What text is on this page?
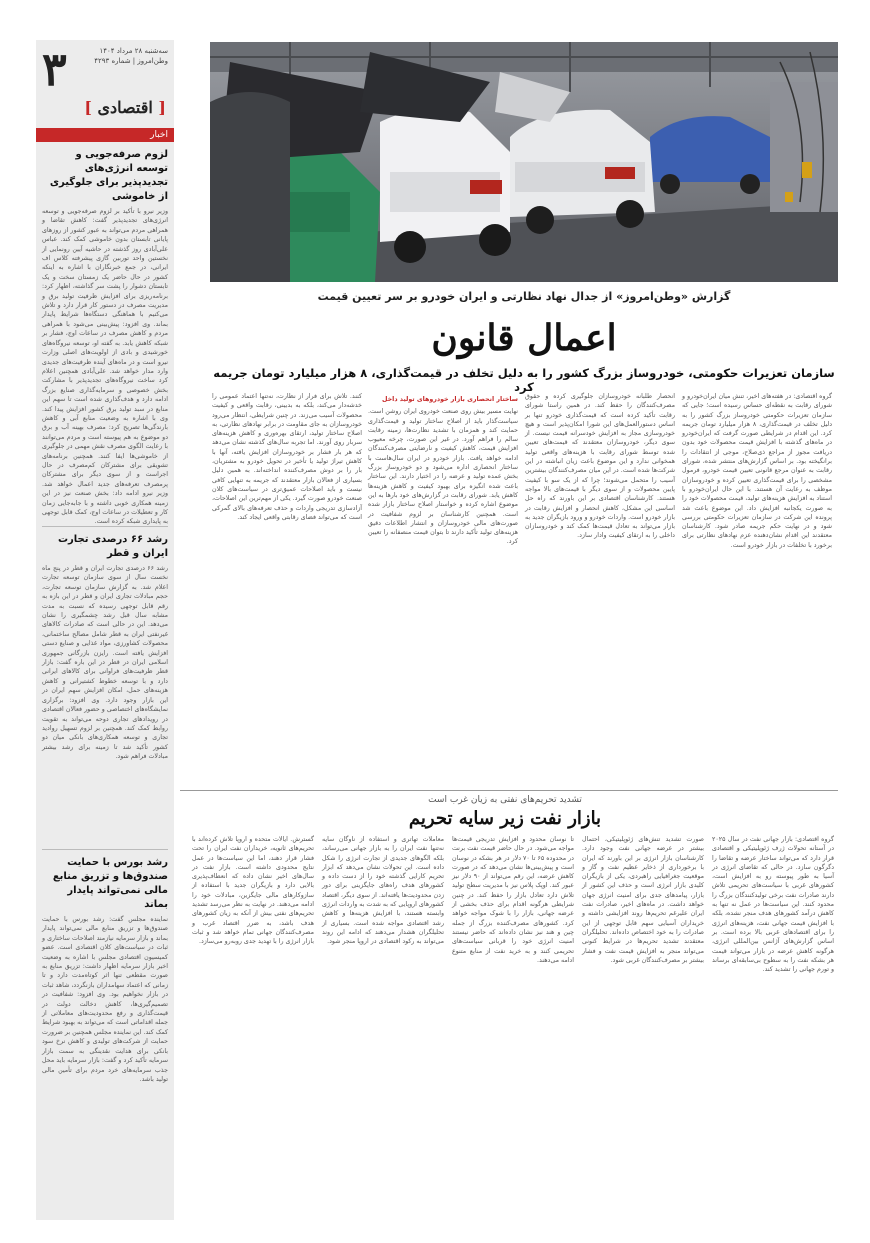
۳	سه‌شنبه ۲۸ مرداد ۱۴۰۴
وطن‌امروز | شماره ۴۲۹۳
[ اقتصادی ]
اخبار
لزوم صرفه‌جویی و توسعه انرژی‌های تجدیدپذیر برای جلوگیری از خاموشی
وزیر نیرو با تأکید بر لزوم صرفه‌جویی و توسعه انرژی‌های تجدیدپذیر گفت: کاهش تقاضا و همراهی مردم می‌تواند به عبور کشور از روزهای پایانی تابستان بدون خاموشی کمک کند. عباس علی‌آبادی روز گذشته در حاشیه آیین رونمایی از نخستین واحد توربین گازی پیشرفته کلاس اف ایرانی، در جمع خبرنگاران با اشاره به اینکه کشور در حال حاضر یک زمستان سخت و یک تابستان دشوار را پشت سر گذاشته، اظهار کرد: برنامه‌ریزی برای افزایش ظرفیت تولید برق و مدیریت مصرف در دستور کار قرار دارد و تلاش می‌کنیم با هماهنگی دستگاه‌ها شرایط پایدار بماند. وی افزود: پیش‌بینی می‌شود با همراهی مردم و کاهش مصرف در ساعات اوج، فشار بر شبکه کاهش یابد. به گفته او، توسعه نیروگاه‌های خورشیدی و بادی از اولویت‌های اصلی وزارت نیرو است و در ماه‌های آینده ظرفیت‌های جدیدی وارد مدار خواهد شد. علی‌آبادی همچنین اعلام کرد ساخت نیروگاه‌های تجدیدپذیر با مشارکت بخش خصوصی و سرمایه‌گذاری صنایع بزرگ ادامه دارد و هدف‌گذاری شده است تا سهم این منابع در سبد تولید برق کشور افزایش پیدا کند. وی با اشاره به وضعیت منابع آبی و کاهش بارندگی‌ها تصریح کرد: مصرف بهینه آب و برق دو موضوع به هم پیوسته است و مردم می‌توانند با رعایت الگوی مصرف نقش مهمی در جلوگیری از خاموشی‌ها ایفا کنند. همچنین برنامه‌های تشویقی برای مشترکان کم‌مصرف در حال اجراست و از سوی دیگر برای مشترکان پرمصرف تعرفه‌های جدید اعمال خواهد شد. وزیر نیرو ادامه داد: بخش صنعت نیز در این زمینه همکاری خوبی داشته و با جابه‌جایی زمان کار و تعطیلات در ساعات اوج، کمک قابل توجهی به پایداری شبکه کرده است.
رشد ۶۶ درصدی تجارت ایران و قطر
رشد ۶۶ درصدی تجارت ایران و قطر در پنج ماه نخست سال از سوی سازمان توسعه تجارت اعلام شد. به گزارش سازمان توسعه تجارت، حجم مبادلات تجاری ایران و قطر در این بازه به رقم قابل توجهی رسیده که نسبت به مدت مشابه سال قبل رشد چشمگیری را نشان می‌دهد. این در حالی است که صادرات کالاهای غیرنفتی ایران به قطر شامل مصالح ساختمانی، محصولات کشاورزی، مواد غذایی و صنایع دستی افزایش یافته است. رایزن بازرگانی جمهوری اسلامی ایران در قطر در این باره گفت: بازار قطر ظرفیت‌های فراوانی برای کالاهای ایرانی دارد و با توسعه خطوط کشتیرانی و کاهش هزینه‌های حمل، امکان افزایش سهم ایران در این بازار وجود دارد. وی افزود: برگزاری نمایشگاه‌های اختصاصی و حضور فعالان اقتصادی در رویدادهای تجاری دوحه می‌تواند به تقویت روابط کمک کند. همچنین بر لزوم تسهیل روادید تجاری و توسعه همکاری‌های بانکی میان دو کشور تأکید شد تا زمینه برای رشد بیشتر مبادلات فراهم شود.
رشد بورس با حمایت صندوق‌ها و تزریق منابع مالی نمی‌تواند پایدار بماند
نماینده مجلس گفت: رشد بورس با حمایت صندوق‌ها و تزریق منابع مالی نمی‌تواند پایدار بماند و بازار سرمایه نیازمند اصلاحات ساختاری و ثبات در سیاست‌های کلان اقتصادی است. عضو کمیسیون اقتصادی مجلس با اشاره به وضعیت اخیر بازار سرمایه اظهار داشت: تزریق منابع به صورت مقطعی تنها اثر کوتاه‌مدت دارد و تا زمانی که اعتماد سهامداران بازنگردد، شاهد ثبات در بازار نخواهیم بود. وی افزود: شفافیت در تصمیم‌گیری‌ها، کاهش دخالت دولت در قیمت‌گذاری و رفع محدودیت‌های معاملاتی از جمله اقداماتی است که می‌تواند به بهبود شرایط کمک کند. این نماینده مجلس همچنین بر ضرورت حمایت از شرکت‌های تولیدی و کاهش نرخ سود بانکی برای هدایت نقدینگی به سمت بازار سرمایه تأکید کرد و گفت: بازار سرمایه باید محل جذب سرمایه‌های خرد مردم برای تأمین مالی تولید باشد.
گزارش «وطن‌امروز» از جدال نهاد نظارتی و ایران خودرو بر سر تعیین قیمت
اعمال قانون
سازمان تعزیرات حکومتی، خودروساز بزرگ کشور را به دلیل تخلف در قیمت‌گذاری، ۸ هزار میلیارد تومان جریمه کرد
گروه اقتصادی: در هفته‌های اخیر، تنش میان ایران‌خودرو و شورای رقابت به نقطه‌ای حساس رسیده است؛ جایی که سازمان تعزیرات حکومتی خودروساز بزرگ کشور را به دلیل تخلف در قیمت‌گذاری، ۸ هزار میلیارد تومان جریمه کرد. این اقدام در شرایطی صورت گرفت که ایران‌خودرو در ماه‌های گذشته با افزایش قیمت محصولات خود بدون دریافت مجوز از مراجع ذی‌صلاح، موجی از انتقادات را برانگیخته بود. بر اساس گزارش‌های منتشر شده، شورای رقابت به عنوان مرجع قانونی تعیین قیمت خودرو، فرمول مشخصی را برای قیمت‌گذاری تعیین کرده و خودروسازان موظف به رعایت آن هستند. با این حال ایران‌خودرو با استناد به افزایش هزینه‌های تولید، قیمت محصولات خود را به صورت یکجانبه افزایش داد. این موضوع باعث شد پرونده این شرکت در سازمان تعزیرات حکومتی بررسی شود و در نهایت حکم جریمه صادر شود. کارشناسان معتقدند این اقدام نشان‌دهنده عزم نهادهای نظارتی برای برخورد با تخلفات در بازار خودرو است.
انحصار طلبانه خودروسازان جلوگیری کرده و حقوق مصرف‌کنندگان را حفظ کند. در همین راستا شورای رقابت تأکید کرده است که قیمت‌گذاری خودرو تنها بر اساس دستورالعمل‌های این شورا امکان‌پذیر است و هیچ خودروسازی مجاز به افزایش خودسرانه قیمت نیست. از سوی دیگر، خودروسازان معتقدند که قیمت‌های تعیین شده توسط شورای رقابت با هزینه‌های واقعی تولید همخوانی ندارد و این موضوع باعث زیان انباشته در این شرکت‌ها شده است. در این میان مصرف‌کنندگان بیشترین آسیب را متحمل می‌شوند؛ چرا که از یک سو با کیفیت پایین محصولات و از سوی دیگر با قیمت‌های بالا مواجه هستند. کارشناسان اقتصادی بر این باورند که راه حل اساسی این مشکل، کاهش انحصار و افزایش رقابت در بازار خودرو است. واردات خودرو و ورود بازیگران جدید به بازار می‌تواند به تعادل قیمت‌ها کمک کند و خودروسازان داخلی را به ارتقای کیفیت وادار سازد.
ساختار انحصاری بازار خودروهای تولید داخل
نهایت مسیر بیش روی صنعت خودروی ایران روشن است. سیاست‌گذار باید از اصلاح ساختار تولید و قیمت‌گذاری حمایت کند و همزمان با تشدید نظارت‌ها، زمینه رقابت سالم را فراهم آورد. در غیر این صورت، چرخه معیوب افزایش قیمت، کاهش کیفیت و نارضایتی مصرف‌کنندگان ادامه خواهد یافت. بازار خودرو در ایران سال‌هاست با ساختار انحصاری اداره می‌شود و دو خودروساز بزرگ بخش عمده تولید و عرضه را در اختیار دارند. این ساختار باعث شده انگیزه برای بهبود کیفیت و کاهش هزینه‌ها کاهش یابد. شورای رقابت در گزارش‌های خود بارها به این موضوع اشاره کرده و خواستار اصلاح ساختار بازار شده است. همچنین کارشناسان بر لزوم شفافیت در صورت‌های مالی خودروسازان و انتشار اطلاعات دقیق هزینه‌های تولید تأکید دارند تا بتوان قیمت منصفانه را تعیین کرد.
کنند. تلاش برای فرار از نظارت، نه‌تنها اعتماد عمومی را خدشه‌دار می‌کند، بلکه به بدبینی، رقابت واقعی و کیفیت محصولات آسیب می‌زند. در چنین شرایطی، انتظار می‌رود خودروسازان به جای مقاومت در برابر نهادهای نظارتی، به اصلاح ساختار تولید، ارتقای بهره‌وری و کاهش هزینه‌های سربار روی آورند. اما تجربه سال‌های گذشته نشان می‌دهد که هر بار فشار بر خودروسازان افزایش یافته، آنها با کاهش تیراژ تولید یا تأخیر در تحویل خودرو به مشتریان، بار را بر دوش مصرف‌کننده انداخته‌اند. به همین دلیل بسیاری از فعالان بازار معتقدند که جریمه به تنهایی کافی نیست و باید اصلاحات عمیق‌تری در سیاست‌های کلان صنعت خودرو صورت گیرد. یکی از مهم‌ترین این اصلاحات، آزادسازی تدریجی واردات و حذف تعرفه‌های بالای گمرکی است که می‌تواند فضای رقابتی واقعی ایجاد کند.
تشدید تحریم‌های نفتی به زیان غرب است
بازار نفت زیر سایه تحریم
گروه اقتصادی: بازار جهانی نفت در سال ۲۰۲۵ در آستانه تحولات ژرف ژئوپلیتیکی و اقتصادی قرار دارد که می‌تواند ساختار عرضه و تقاضا را دگرگون سازد. در حالی که تقاضای انرژی در آسیا به طور پیوسته رو به افزایش است، کشورهای غربی با سیاست‌های تحریمی تلاش دارند صادرات نفت برخی تولیدکنندگان بزرگ را محدود کنند. این سیاست‌ها در عمل نه تنها به کاهش درآمد کشورهای هدف منجر نشده، بلکه با افزایش قیمت جهانی نفت، هزینه‌های انرژی را برای اقتصادهای غربی بالا برده است. بر اساس گزارش‌های آژانس بین‌المللی انرژی، هرگونه کاهش عرضه در بازار می‌تواند قیمت هر بشکه نفت را به سطوح بی‌سابقه‌ای برساند و تورم جهانی را تشدید کند.
صورت تشدید تنش‌های ژئوپلیتیکی، احتمال بیشتر در عرضه جهانی نفت وجود دارد. کارشناسان بازار انرژی بر این باورند که ایران با برخورداری از ذخایر عظیم نفت و گاز و موقعیت جغرافیایی راهبردی، یکی از بازیگران کلیدی بازار انرژی است و حذف این کشور از بازار، پیامدهای جدی برای امنیت انرژی جهان خواهد داشت. در ماه‌های اخیر، صادرات نفت ایران علیرغم تحریم‌ها روند افزایشی داشته و خریداران آسیایی سهم قابل توجهی از این صادرات را به خود اختصاص داده‌اند. تحلیلگران معتقدند تشدید تحریم‌ها در شرایط کنونی می‌تواند منجر به افزایش قیمت نفت و فشار بیشتر بر مصرف‌کنندگان غربی شود.
تا نوسان محدود و افزایش تدریجی قیمت‌ها مواجه می‌شود. در حال حاضر قیمت نفت برنت در محدوده ۶۵ تا ۷۰ دلار در هر بشکه در نوسان است و پیش‌بینی‌ها نشان می‌دهد که در صورت کاهش عرضه، این رقم می‌تواند از ۹۰ دلار نیز عبور کند. اوپک پلاس نیز با مدیریت سطح تولید تلاش دارد تعادل بازار را حفظ کند. در چنین شرایطی هرگونه اقدام برای حذف بخشی از عرضه جهانی، بازار را با شوک مواجه خواهد کرد. کشورهای مصرف‌کننده بزرگ از جمله چین و هند نیز نشان داده‌اند که حاضر نیستند امنیت انرژی خود را قربانی سیاست‌های تحریمی کنند و به خرید نفت از منابع متنوع ادامه می‌دهند.
معاملات تهاتری و استفاده از ناوگان سایه نه‌تنها نفت ایران را به بازار جهانی می‌رساند، بلکه الگوهای جدیدی از تجارت انرژی را شکل داده است. این تحولات نشان می‌دهد که ابزار تحریم کارایی گذشته خود را از دست داده و کشورهای هدف راه‌های جایگزینی برای دور زدن محدودیت‌ها یافته‌اند. از سوی دیگر، اقتصاد کشورهای اروپایی که به شدت به واردات انرژی وابسته هستند، با افزایش هزینه‌ها و کاهش رشد اقتصادی مواجه شده است. بسیاری از تحلیلگران هشدار می‌دهند که ادامه این روند می‌تواند به رکود اقتصادی در اروپا منجر شود.
گسترش. ایالات متحده و اروپا تلاش کرده‌اند با تحریم‌های ثانویه، خریداران نفت ایران را تحت فشار قرار دهند، اما این سیاست‌ها در عمل نتایج محدودی داشته است. بازار نفت در سال‌های اخیر نشان داده که انعطاف‌پذیری بالایی دارد و بازیگران جدید با استفاده از سازوکارهای مالی جایگزین، مبادلات خود را ادامه می‌دهند. در نهایت به نظر می‌رسد تشدید تحریم‌های نفتی بیش از آنکه به زیان کشورهای هدف باشد، به ضرر اقتصاد غرب و مصرف‌کنندگان جهانی تمام خواهد شد و ثبات بازار انرژی را با تهدید جدی روبه‌رو می‌سازد.
